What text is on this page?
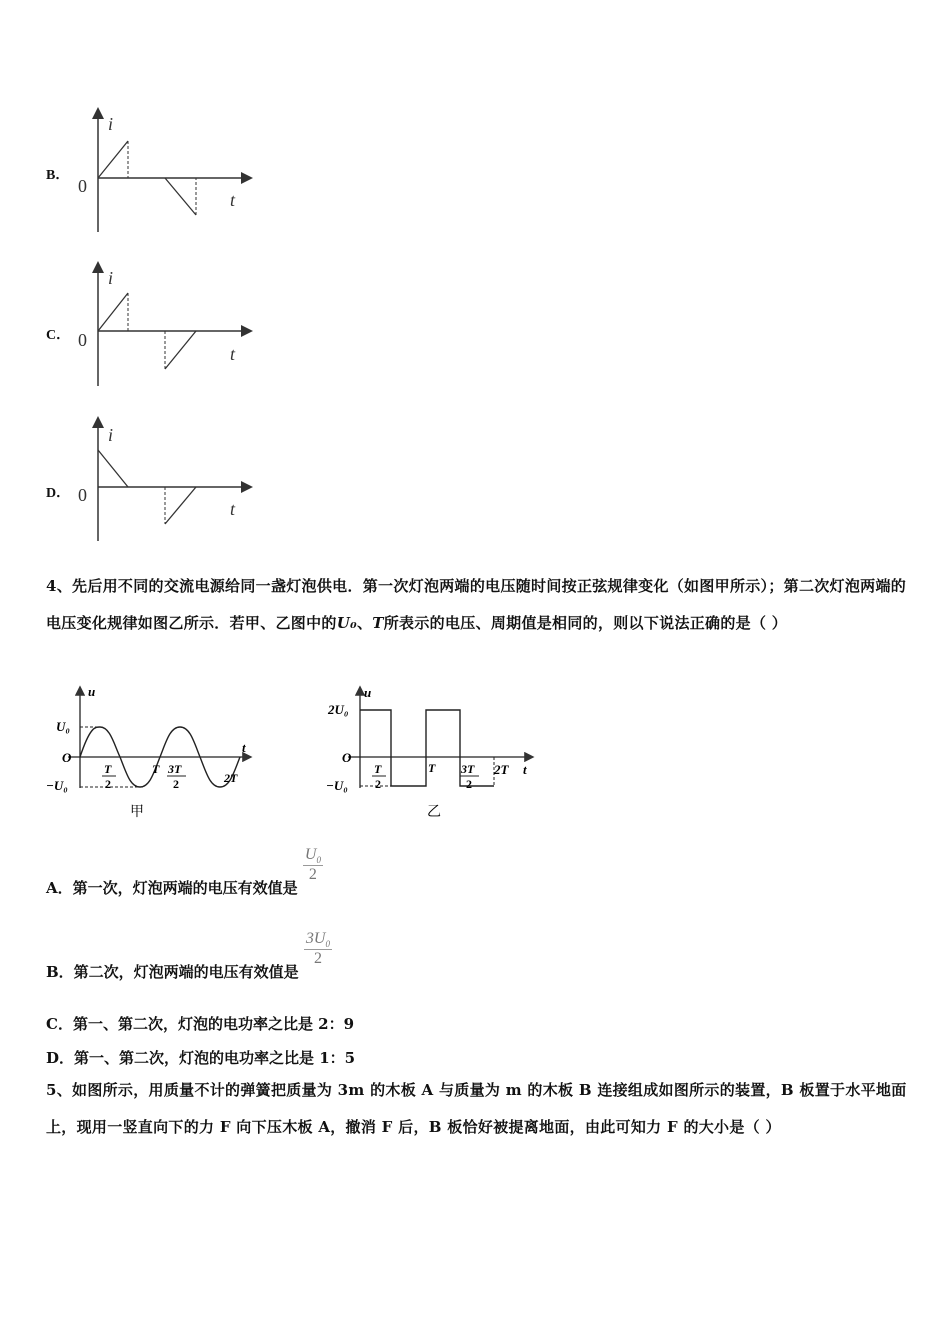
B．
i
0
t
C．
i
0
t
D．
i
0
t
4、先后用不同的交流电源给同一盏灯泡供电．第一次灯泡两端的电压随时间按正弦规律变化（如图甲所示）；第二次灯泡两端的电压变化规律如图乙所示．若甲、乙图中的U₀、T所表示的电压、周期值是相同的，则以下说法正确的是（ ）
u
t
U₀
O
−U₀
T
2
T 3T
2	2T
甲
u
t
2U₀
O
−U₀
T
2
T 3T
2
2T
乙
A．第一次，灯泡两端的电压有效值是
$\frac{U_0}{2}$
B．第二次，灯泡两端的电压有效值是
$\frac{3U_0}{2}$
C．第一、第二次，灯泡的电功率之比是 2：9
D．第一、第二次，灯泡的电功率之比是 1：5
5、如图所示，用质量不计的弹簧把质量为 3m 的木板 A 与质量为 m 的木板 B 连接组成如图所示的装置，B 板置于水平地面上，现用一竖直向下的力 F 向下压木板 A，撤消 F 后，B 板恰好被提离地面，由此可知力 F 的大小是（ ）
